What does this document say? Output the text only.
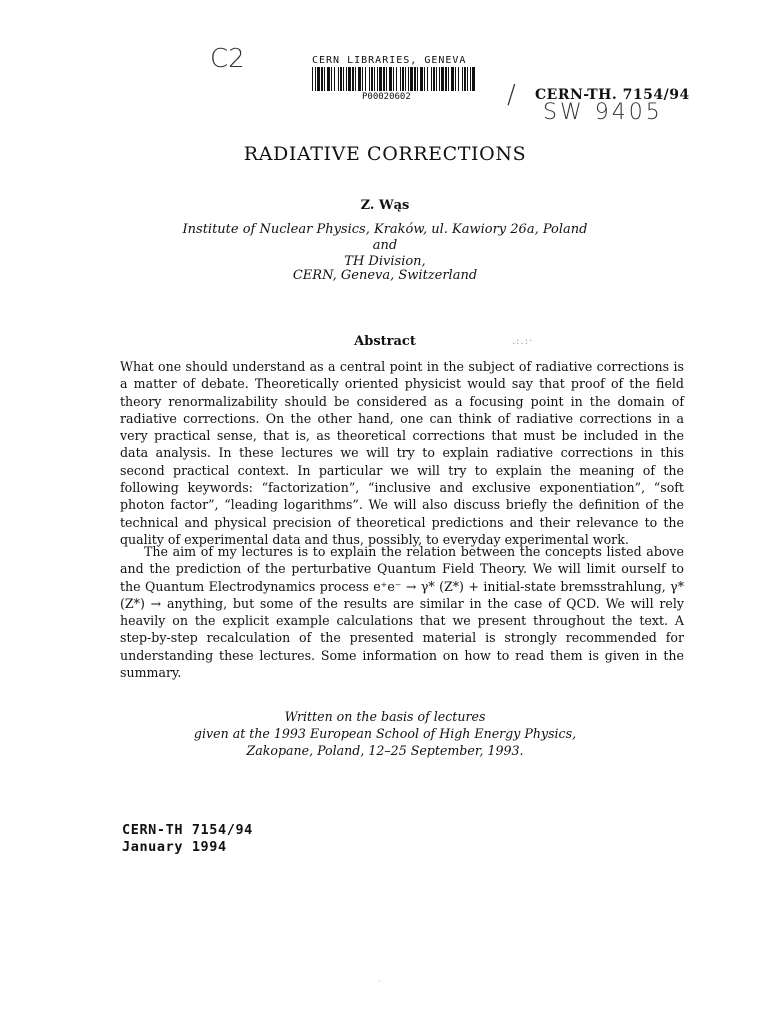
C2
/
SW 9405
CERN LIBRARIES, GENEVA
P00020602	CERN-TH. 7154/94
RADIATIVE CORRECTIONS
Z. Wąs
Institute of Nuclear Physics, Kraków, ul. Kawiory 26a, Poland
and
TH Division,
CERN, Geneva, Switzerland
Abstract	.:.:·
What one should understand as a central point in the subject of radiative corrections is a matter of debate. Theoretically oriented physicist would say that proof of the field theory renormalizability should be considered as a focusing point in the domain of radiative corrections. On the other hand, one can think of radiative corrections in a very practical sense, that is, as theoretical corrections that must be included in the data analysis. In these lectures we will try to explain radiative corrections in this second practical context. In particular we will try to explain the meaning of the following keywords: “factorization”, “inclusive and exclusive exponentiation”, “soft photon factor”, “leading logarithms”. We will also discuss briefly the definition of the technical and physical precision of theoretical predictions and their relevance to the quality of experimental data and thus, possibly, to everyday experimental work.
The aim of my lectures is to explain the relation between the concepts listed above and the prediction of the perturbative Quantum Field Theory. We will limit ourself to the Quantum Electrodynamics process e⁺e⁻ → γ* (Z*) + initial-state bremsstrahlung, γ* (Z*) → anything, but some of the results are similar in the case of QCD. We will rely heavily on the explicit example calculations that we present throughout the text. A step-by-step recalculation of the presented material is strongly recommended for understanding these lectures. Some information on how to read them is given in the summary.
Written on the basis of lectures
given at the 1993 European School of High Energy Physics,
Zakopane, Poland, 12–25 September, 1993.
CERN-TH 7154/94
January 1994
·
